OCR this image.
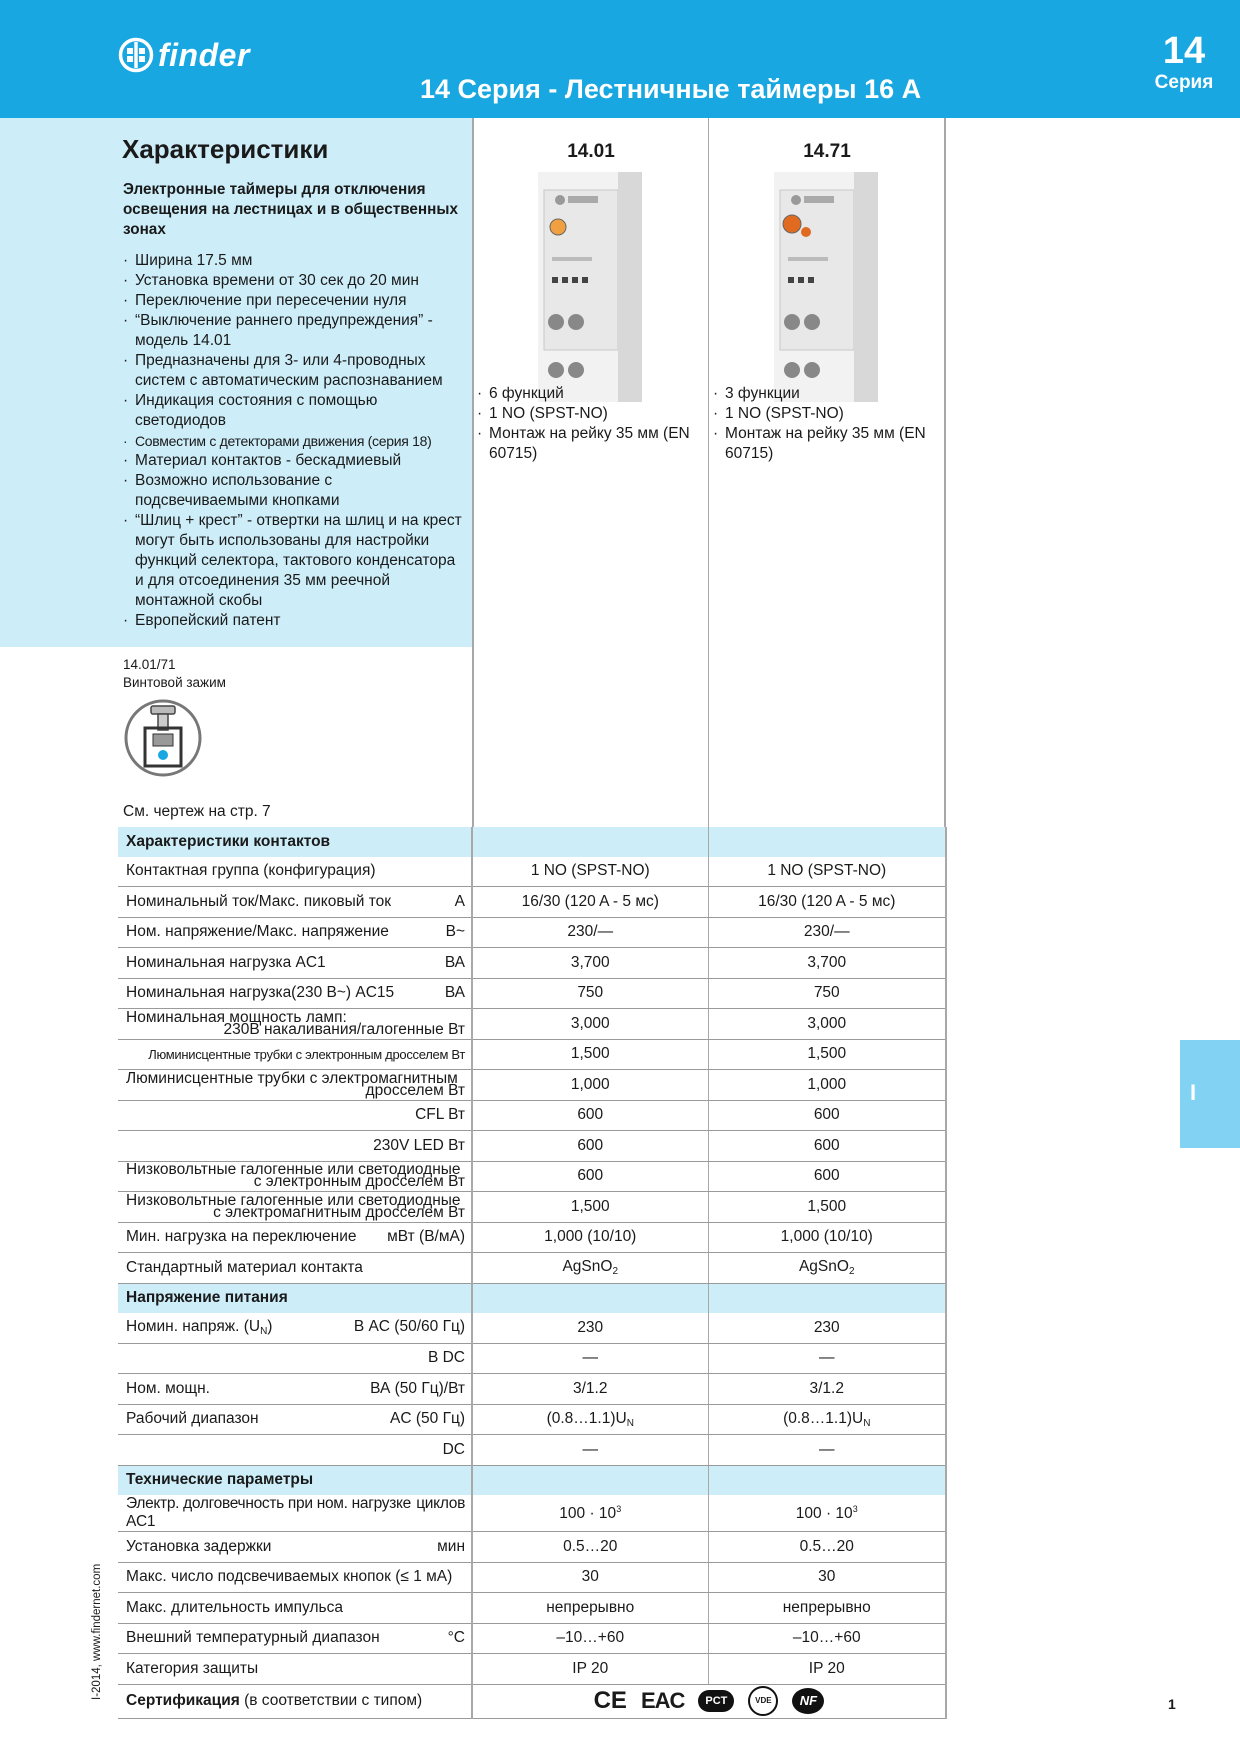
finder
14 Серия - Лестничные таймеры 16 А
14
Серия
Характеристики
Электронные таймеры для отключения освещения на лестницах и в общественных зонах
· Ширина 17.5 мм
· Установка времени от 30 сек до 20 мин
· Переключение при пересечении нуля
· “Выключение раннего предупреждения” - модель 14.01
· Предназначены для 3- или 4-проводных систем с автоматическим распознаванием
· Индикация состояния с помощью светодиодов
· Совместим с детекторами движения (серия 18)
· Материал контактов - бескадмиевый
· Возможно использование с подсвечиваемыми кнопками
· “Шлиц + крест” - отвертки на шлиц и на крест могут быть использованы для настройки функций селектора, тактового конденсатора и для отсоединения 35 мм реечной монтажной скобы
· Европейский патент
14.01/71
Винтовой зажим
См. чертеж на стр. 7
14.01
· 6 функций
· 1 NO (SPST-NO)
· Монтаж на рейку 35 мм (EN 60715)
14.71
· 3 функции
· 1 NO (SPST-NO)
· Монтаж на рейку 35 мм (EN 60715)
Характеристики контактов		
Контактная группа (конфигурация)	1 NO (SPST-NO)	1 NO (SPST-NO)

Номинальный ток/Макс. пиковый ток A	16/30 (120 A - 5 мс)	16/30 (120 A - 5 мс)

Ном. напряжение/Макс. напряжение В~	230/—	230/—

Номинальная нагрузка AC1 ВА	3,700	3,700

Номинальная нагрузка(230 В~) AC15 ВА	750	750

Номинальная мощность ламп:
230В накаливания/галогенные Вт	3,000	3,000
Люминисцентные трубки с электронным дросселем Вт	1,500	1,500

Люминисцентные трубки с электромагнитным
дросселем Вт	1,000	1,000
CFL Вт	600	600
230V LED Вт	600	600

Низковольтные галогенные или светодиодные
с электронным дросселем Вт	600	600

Низковольтные галогенные или светодиодные
с электромагнитным дросселем Вт	1,500	1,500

Мин. нагрузка на переключение мВт (В/мА)	1,000 (10/10)	1,000 (10/10)
Стандартный материал контакта	AgSnO$_2$	AgSnO$_2$
Напряжение питания		

Номин. напряж. $(U_N)$ В AC (50/60 Гц)	230	230
В DC	—	—

Ном. мощн. ВА (50 Гц)/Вт	3/1.2	3/1.2

Рабочий диапазон AC (50 Гц)	$(0.8\dots 1.1)U_N$	$(0.8\dots 1.1)U_N$
DC	—	—
Технические параметры		

Электр. долговечность при ном. нагрузке AC1
циклов	$100 \cdot 10^3$	$100 \cdot 10^3$

Установка задержки мин	0.5…20	0.5…20
Макс. число подсвечиваемых кнопок (≤ 1 мА)	30	30
Макс. длительность импульса	непрерывно	непрерывно

Внешний температурный диапазон °C	–10…+60	–10…+60
Категория защиты	IP 20	IP 20
Сертификация (в соответствии с типом)	CE EAC PCT VDE NF	
I
I-2014, www.findernet.com
1
